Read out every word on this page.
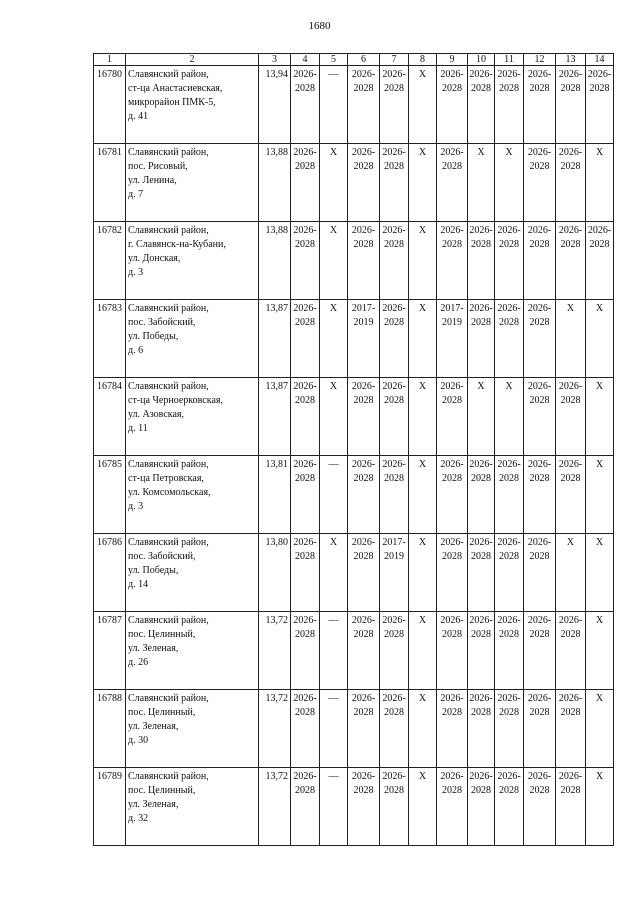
1680
1	2	3	4	5	6	7	8	9	10	11	12	13	14
16780	Славянский район,
ст-ца Анастасиевская,
микрорайон ПМК-5,
д. 41	13,94	2026-
2028	—	2026-
2028	2026-
2028	Х	2026-
2028	2026-
2028	2026-
2028	2026-
2028	2026-
2028	2026-
2028

16781	Славянский район,
пос. Рисовый,
ул. Ленина,
д. 7	13,88	2026-
2028	Х	2026-
2028	2026-
2028	Х	2026-
2028	Х	Х	2026-
2028	2026-
2028	Х

16782	Славянский район,
г. Славянск-на-Кубани,
ул. Донская,
д. 3	13,88	2026-
2028	Х	2026-
2028	2026-
2028	Х	2026-
2028	2026-
2028	2026-
2028	2026-
2028	2026-
2028	2026-
2028

16783	Славянский район,
пос. Забойский,
ул. Победы,
д. 6	13,87	2026-
2028	Х	2017-
2019	2026-
2028	Х	2017-
2019	2026-
2028	2026-
2028	2026-
2028	Х	Х

16784	Славянский район,
ст-ца Черноерковская,
ул. Азовская,
д. 11	13,87	2026-
2028	Х	2026-
2028	2026-
2028	Х	2026-
2028	Х	Х	2026-
2028	2026-
2028	Х

16785	Славянский район,
ст-ца Петровская,
ул. Комсомольская,
д. 3	13,81	2026-
2028	—	2026-
2028	2026-
2028	Х	2026-
2028	2026-
2028	2026-
2028	2026-
2028	2026-
2028	Х

16786	Славянский район,
пос. Забойский,
ул. Победы,
д. 14	13,80	2026-
2028	Х	2026-
2028	2017-
2019	Х	2026-
2028	2026-
2028	2026-
2028	2026-
2028	Х	Х

16787	Славянский район,
пос. Целинный,
ул. Зеленая,
д. 26	13,72	2026-
2028	—	2026-
2028	2026-
2028	Х	2026-
2028	2026-
2028	2026-
2028	2026-
2028	2026-
2028	Х

16788	Славянский район,
пос. Целинный,
ул. Зеленая,
д. 30	13,72	2026-
2028	—	2026-
2028	2026-
2028	Х	2026-
2028	2026-
2028	2026-
2028	2026-
2028	2026-
2028	Х

16789	Славянский район,
пос. Целинный,
ул. Зеленая,
д. 32	13,72	2026-
2028	—	2026-
2028	2026-
2028	Х	2026-
2028	2026-
2028	2026-
2028	2026-
2028	2026-
2028	Х
